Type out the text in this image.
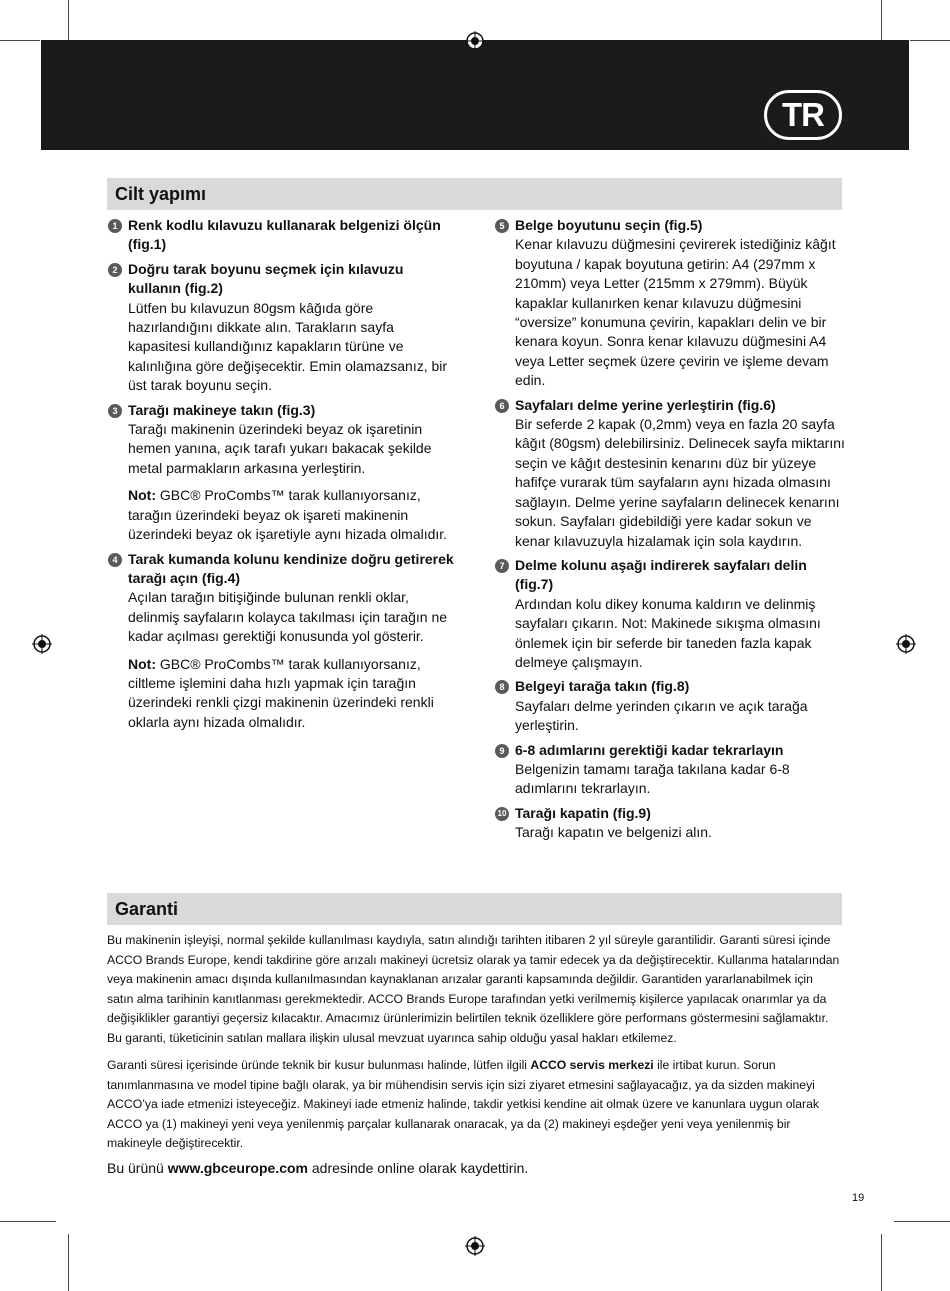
TR
Cilt yapımı
1 Renk kodlu kılavuzu kullanarak belgenizi ölçün (fig.1)
2 Doğru tarak boyunu seçmek için kılavuzu kullanın (fig.2)
Lütfen bu kılavuzun 80gsm kâğıda göre hazırlandığını dikkate alın. Tarakların sayfa kapasitesi kullandığınız kapakların türüne ve kalınlığına göre değişecektir. Emin olamazsanız, bir üst tarak boyunu seçin.
3 Tarağı makineye takın (fig.3)
Tarağı makinenin üzerindeki beyaz ok işaretinin hemen yanına, açık tarafı yukarı bakacak şekilde metal parmakların arkasına yerleştirin.
Not: GBC® ProCombs™ tarak kullanıyorsanız, tarağın üzerindeki beyaz ok işareti makinenin üzerindeki beyaz ok işaretiyle aynı hizada olmalıdır.
4 Tarak kumanda kolunu kendinize doğru getirerek tarağı açın (fig.4)
Açılan tarağın bitişiğinde bulunan renkli oklar, delinmiş sayfaların kolayca takılması için tarağın ne kadar açılması gerektiği konusunda yol gösterir.
Not: GBC® ProCombs™ tarak kullanıyorsanız, ciltleme işlemini daha hızlı yapmak için tarağın üzerindeki renkli çizgi makinenin üzerindeki renkli oklarla aynı hizada olmalıdır.
5 Belge boyutunu seçin (fig.5)
Kenar kılavuzu düğmesini çevirerek istediğiniz kâğıt boyutuna / kapak boyutuna getirin: A4 (297mm x 210mm) veya Letter (215mm x 279mm). Büyük kapaklar kullanırken kenar kılavuzu düğmesini “oversize” konumuna çevirin, kapakları delin ve bir kenara koyun. Sonra kenar kılavuzu düğmesini A4 veya Letter seçmek üzere çevirin ve işleme devam edin.
6 Sayfaları delme yerine yerleştirin (fig.6)
Bir seferde 2 kapak (0,2mm) veya en fazla 20 sayfa kâğıt (80gsm) delebilirsiniz. Delinecek sayfa miktarını seçin ve kâğıt destesinin kenarını düz bir yüzeye hafifçe vurarak tüm sayfaların aynı hizada olmasını sağlayın. Delme yerine sayfaların delinecek kenarını sokun. Sayfaları gidebildiği yere kadar sokun ve kenar kılavuzuyla hizalamak için sola kaydırın.
7 Delme kolunu aşağı indirerek sayfaları delin (fig.7)
Ardından kolu dikey konuma kaldırın ve delinmiş sayfaları çıkarın. Not: Makinede sıkışma olmasını önlemek için bir seferde bir taneden fazla kapak delmeye çalışmayın.
8 Belgeyi tarağa takın (fig.8)
Sayfaları delme yerinden çıkarın ve açık tarağa yerleştirin.
9 6-8 adımlarını gerektiği kadar tekrarlayın
Belgenizin tamamı tarağa takılana kadar 6-8 adımlarını tekrarlayın.
10 Tarağı kapatin (fig.9)
Tarağı kapatın ve belgenizi alın.
Garanti

Bu makinenin işleyişi, normal şekilde kullanılması kaydıyla, satın alındığı tarihten itibaren 2 yıl süreyle garantilidir. Garanti süresi içinde ACCO Brands Europe, kendi takdirine göre arızalı makineyi ücretsiz olarak ya tamir edecek ya da değiştirecektir. Kullanma hatalarından veya makinenin amacı dışında kullanılmasından kaynaklanan arızalar garanti kapsamında değildir. Garantiden yararlanabilmek için satın alma tarihinin kanıtlanması gerekmektedir. ACCO Brands Europe tarafından yetki verilmemiş kişilerce yapılacak onarımlar ya da değişiklikler garantiyi geçersiz kılacaktır. Amacımız ürünlerimizin belirtilen teknik özelliklere göre performans göstermesini sağlamaktır. Bu garanti, tüketicinin satılan mallara ilişkin ulusal mevzuat uyarınca sahip olduğu yasal hakları etkilemez.

Garanti süresi içerisinde üründe teknik bir kusur bulunması halinde, lütfen ilgili ACCO servis merkezi ile irtibat kurun. Sorun tanımlanmasına ve model tipine bağlı olarak, ya bir mühendisin servis için sizi ziyaret etmesini sağlayacağız, ya da sizden makineyi ACCO’ya iade etmenizi isteyeceğiz. Makineyi iade etmeniz halinde, takdir yetkisi kendine ait olmak üzere ve kanunlara uygun olarak ACCO ya (1) makineyi yeni veya yenilenmiş parçalar kullanarak onaracak, ya da (2) makineyi eşdeğer yeni veya yenilenmiş bir makineyle değiştirecektir.

Bu ürünü www.gbceurope.com adresinde online olarak kaydettirin.
19
